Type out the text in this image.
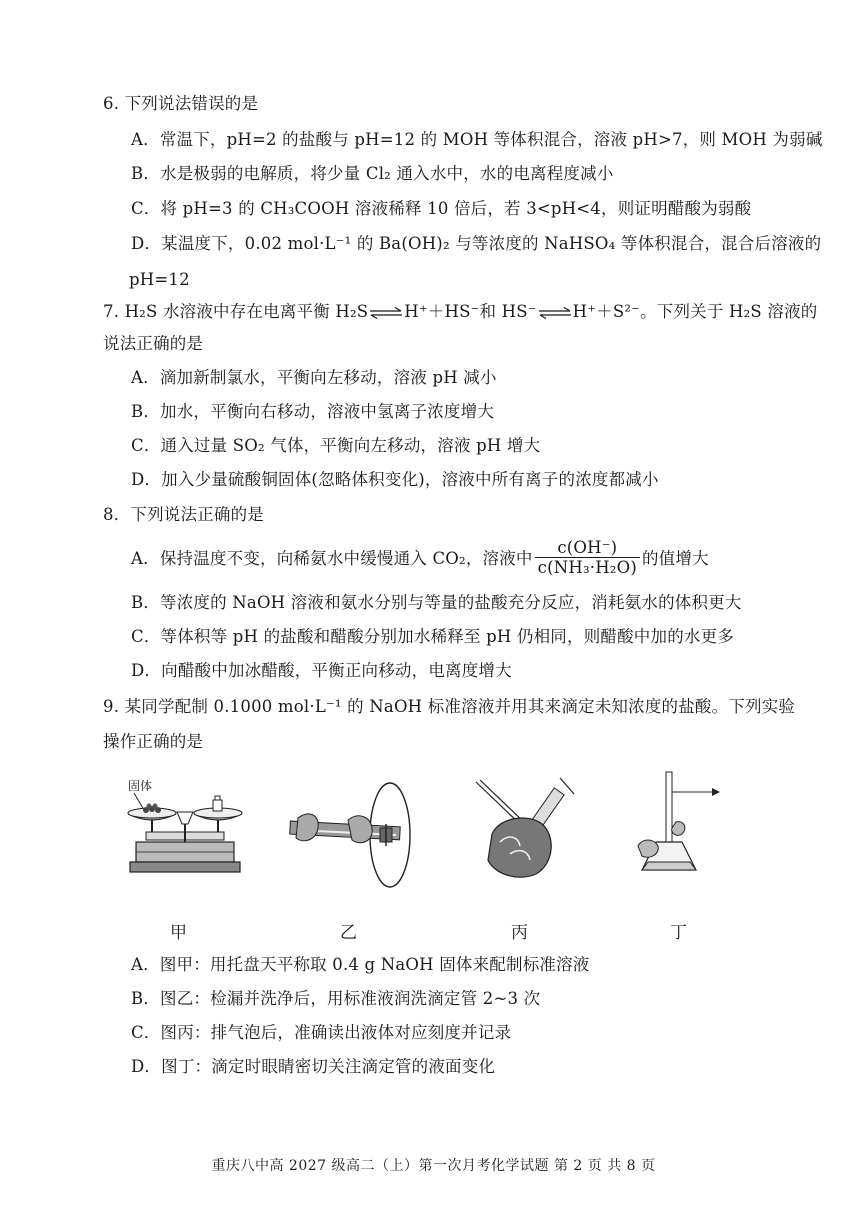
6. 下列说法错误的是
A．常温下，pH=2 的盐酸与 pH=12 的 MOH 等体积混合，溶液 pH>7，则 MOH 为弱碱
B．水是极弱的电解质，将少量 Cl₂ 通入水中，水的电离程度减小
C．将 pH=3 的 CH₃COOH 溶液稀释 10 倍后，若 3<pH<4，则证明醋酸为弱酸
D．某温度下，0.02 mol·L⁻¹ 的 Ba(OH)₂ 与等浓度的 NaHSO₄ 等体积混合，混合后溶液的
pH=12
7. H₂S 水溶液中存在电离平衡 H₂S⇌H⁺＋HS⁻和 HS⁻⇌H⁺＋S²⁻。下列关于 H₂S 溶液的
说法正确的是
A．滴加新制氯水，平衡向左移动，溶液 pH 减小
B．加水，平衡向右移动，溶液中氢离子浓度增大
C．通入过量 SO₂ 气体，平衡向左移动，溶液 pH 增大
D．加入少量硫酸铜固体(忽略体积变化)，溶液中所有离子的浓度都减小
8．下列说法正确的是
A．保持温度不变，向稀氨水中缓慢通入 CO₂，溶液中 $\frac{c(OH^-)}{\text{c(NH₃·H₂O)}}$ 的值增大
B．等浓度的 NaOH 溶液和氨水分别与等量的盐酸充分反应，消耗氨水的体积更大
C．等体积等 pH 的盐酸和醋酸分别加水稀释至 pH 仍相同，则醋酸中加的水更多
D．向醋酸中加冰醋酸，平衡正向移动，电离度增大
9. 某同学配制 0.1000 mol·L⁻¹ 的 NaOH 标准溶液并用其来滴定未知浓度的盐酸。下列实验
操作正确的是
固体
甲	乙	丙	丁
A．图甲：用托盘天平称取 0.4 g NaOH 固体来配制标准溶液
B．图乙：检漏并洗净后，用标准液润洗滴定管 2~3 次
C．图丙：排气泡后，准确读出液体对应刻度并记录
D．图丁：滴定时眼睛密切关注滴定管的液面变化
重庆八中高 2027 级高二（上）第一次月考化学试题 第 2 页 共 8 页
